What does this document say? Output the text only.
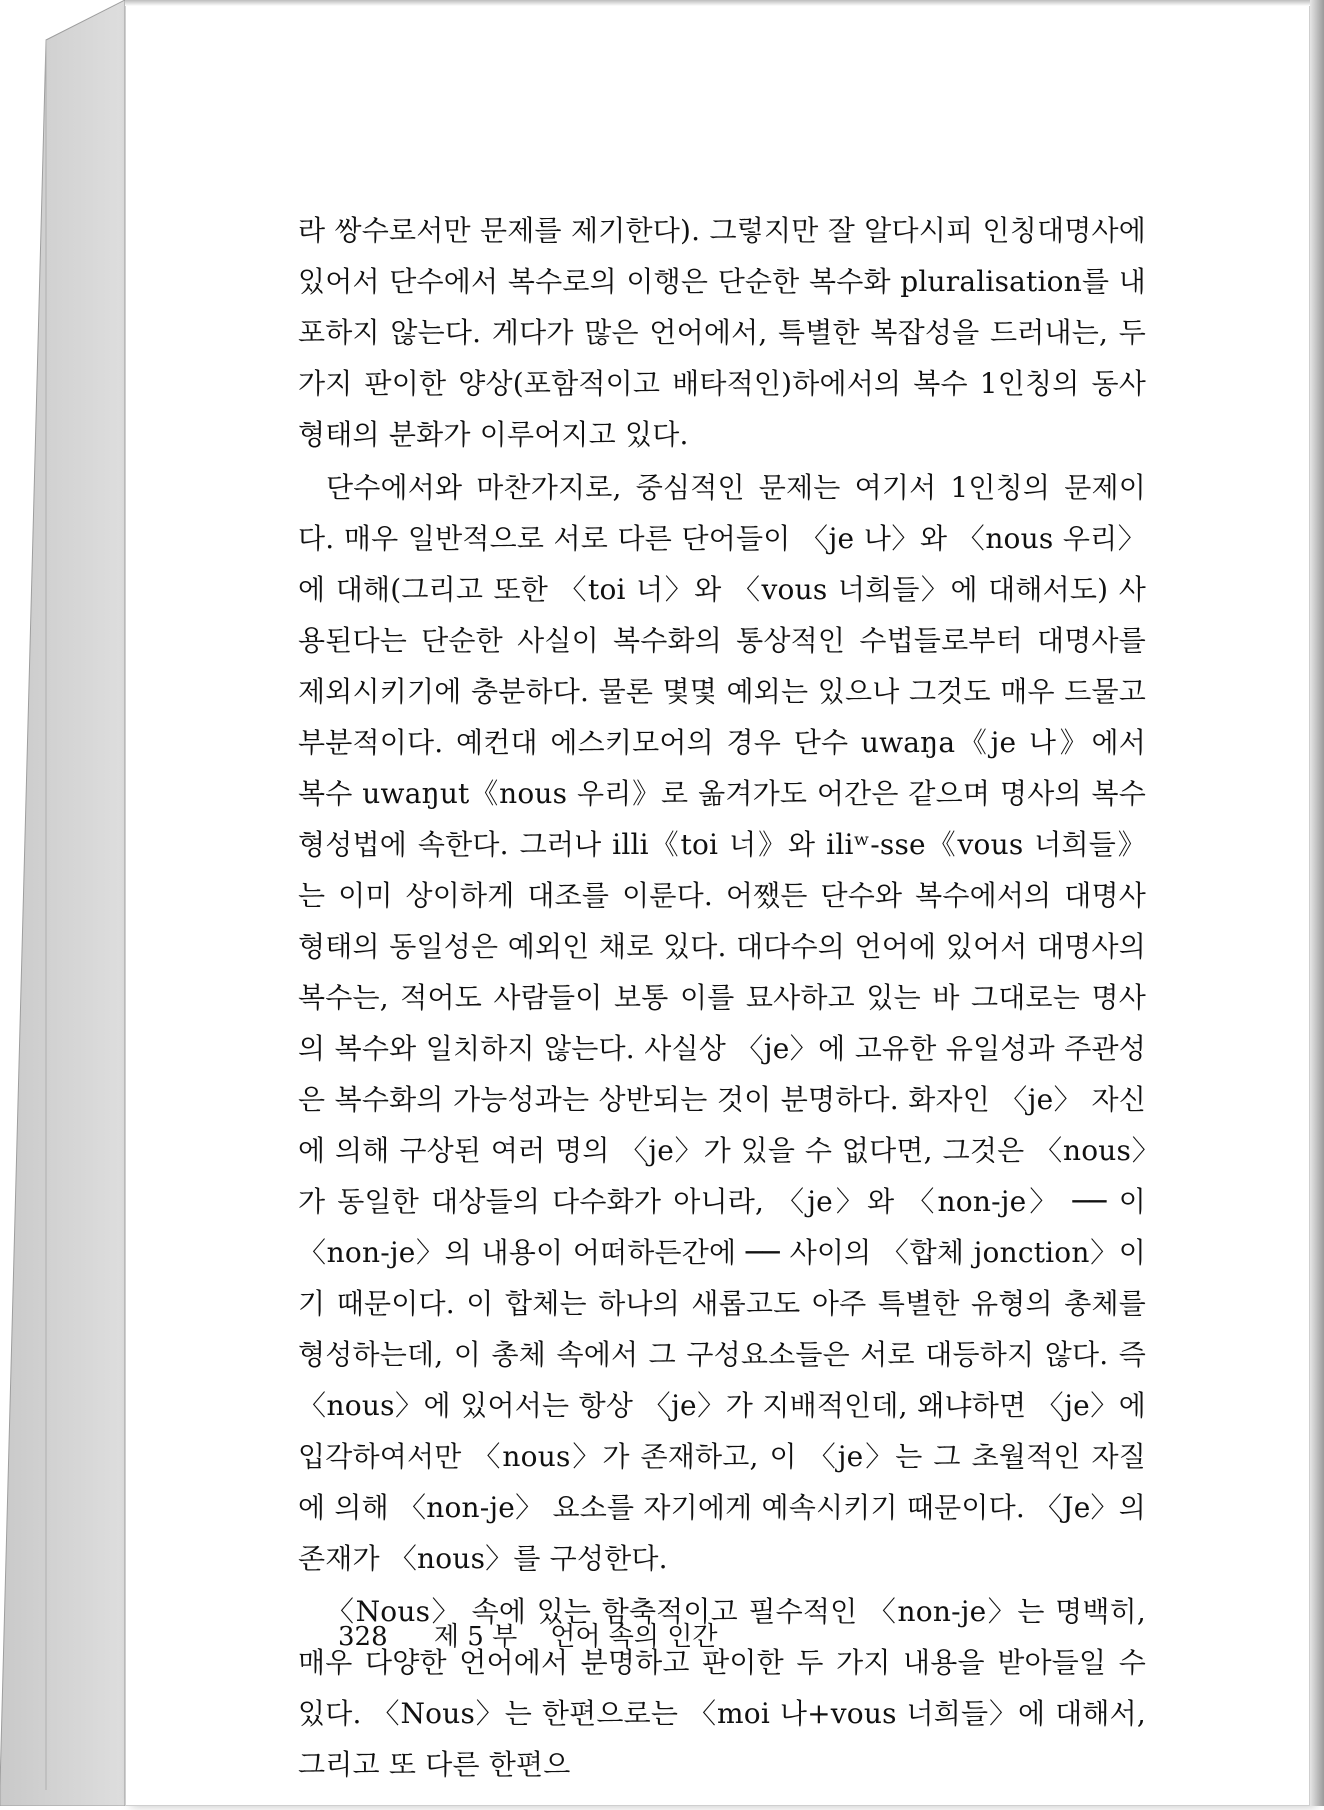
라 쌍수로서만 문제를 제기한다). 그렇지만 잘 알다시피 인칭대명사에 있어서 단수에서 복수로의 이행은 단순한 복수화 pluralisation를 내포하지 않는다. 게다가 많은 언어에서, 특별한 복잡성을 드러내는, 두 가지 판이한 양상(포함적이고 배타적인)하에서의 복수 1인칭의 동사형태의 분화가 이루어지고 있다.

단수에서와 마찬가지로, 중심적인 문제는 여기서 1인칭의 문제이다. 매우 일반적으로 서로 다른 단어들이 〈je 나〉와 〈nous 우리〉에 대해(그리고 또한 〈toi 너〉와 〈vous 너희들〉에 대해서도) 사용된다는 단순한 사실이 복수화의 통상적인 수법들로부터 대명사를 제외시키기에 충분하다. 물론 몇몇 예외는 있으나 그것도 매우 드물고 부분적이다. 예컨대 에스키모어의 경우 단수 uwaŋa《je 나》에서 복수 uwaŋut《nous 우리》로 옮겨가도 어간은 같으며 명사의 복수 형성법에 속한다. 그러나 illi《toi 너》와 iliʷ-sse《vous 너희들》는 이미 상이하게 대조를 이룬다. 어쨌든 단수와 복수에서의 대명사 형태의 동일성은 예외인 채로 있다. 대다수의 언어에 있어서 대명사의 복수는, 적어도 사람들이 보통 이를 묘사하고 있는 바 그대로는 명사의 복수와 일치하지 않는다. 사실상 〈je〉에 고유한 유일성과 주관성은 복수화의 가능성과는 상반되는 것이 분명하다. 화자인 〈je〉 자신에 의해 구상된 여러 명의 〈je〉가 있을 수 없다면, 그것은 〈nous〉가 동일한 대상들의 다수화가 아니라, 〈je〉와 〈non-je〉 ── 이 〈non-je〉의 내용이 어떠하든간에 ── 사이의 〈합체 jonction〉이기 때문이다. 이 합체는 하나의 새롭고도 아주 특별한 유형의 총체를 형성하는데, 이 총체 속에서 그 구성요소들은 서로 대등하지 않다. 즉 〈nous〉에 있어서는 항상 〈je〉가 지배적인데, 왜냐하면 〈je〉에 입각하여서만 〈nous〉가 존재하고, 이 〈je〉는 그 초월적인 자질에 의해 〈non-je〉 요소를 자기에게 예속시키기 때문이다. 〈Je〉의 존재가 〈nous〉를 구성한다.

〈Nous〉 속에 있는 함축적이고 필수적인 〈non-je〉는 명백히, 매우 다양한 언어에서 분명하고 판이한 두 가지 내용을 받아들일 수 있다. 〈Nous〉는 한편으로는 〈moi 나+vous 너희들〉에 대해서, 그리고 또 다른 한편으

328 제 5 부 언어 속의 인간
